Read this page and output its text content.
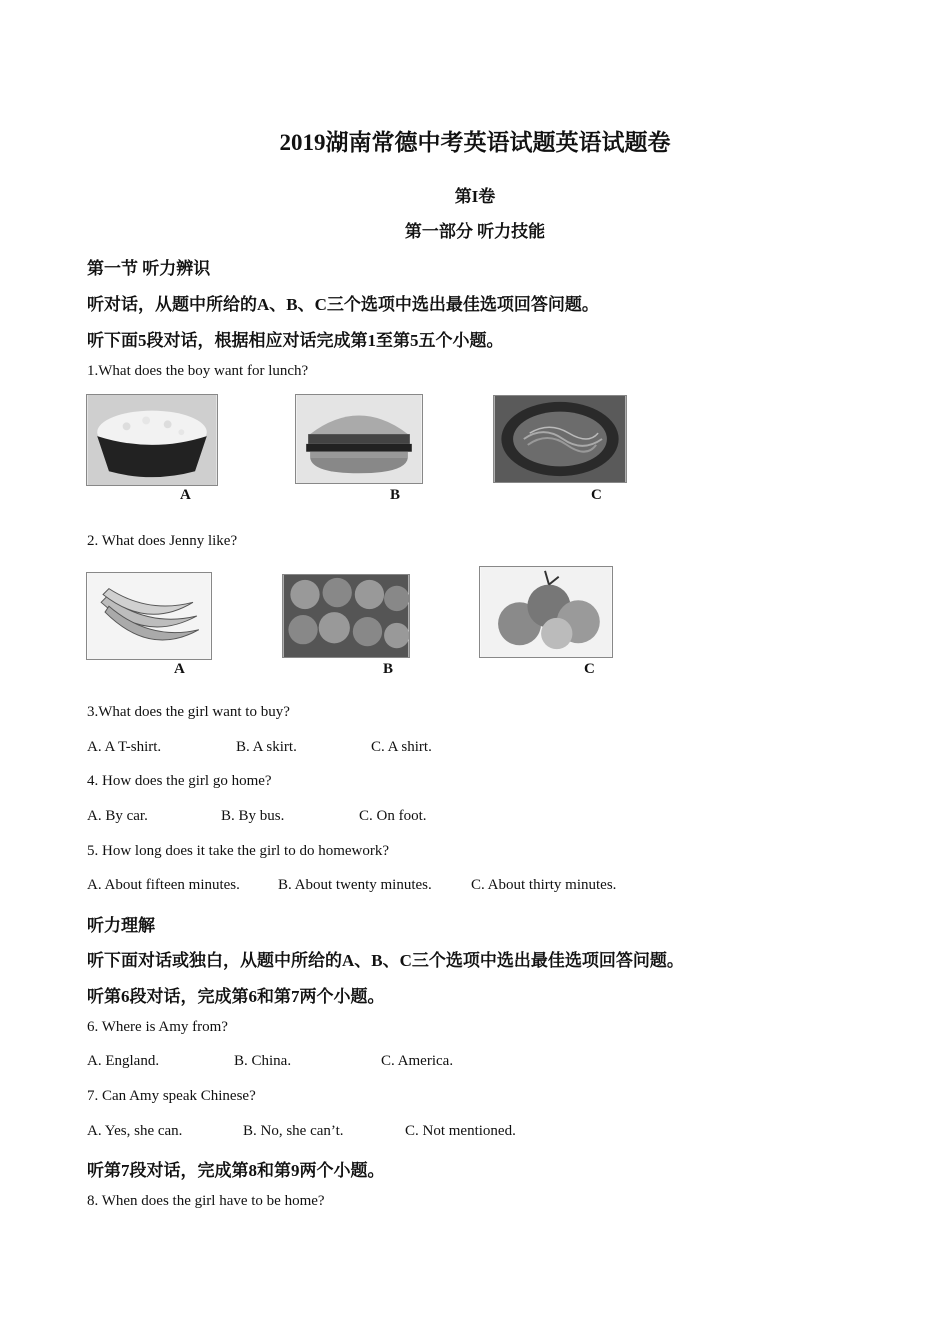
2019湖南常德中考英语试题英语试题卷
第I卷
第一部分 听力技能
第一节 听力辨识
听对话，从题中所给的A、B、C三个选项中选出最佳选项回答问题。
听下面5段对话，根据相应对话完成第1至第5五个小题。
1.What does the boy want for lunch?
A	B	C
2. What does Jenny like?
A	B	C
3.What does the girl want to buy?
A. A T-shirt.	B. A skirt.	C. A shirt.
4. How does the girl go home?
A. By car.	B. By bus.	C. On foot.
5. How long does it take the girl to do homework?
A. About fifteen minutes.	B. About twenty minutes.	C. About thirty minutes.
听力理解
听下面对话或独白，从题中所给的A、B、C三个选项中选出最佳选项回答问题。
听第6段对话，完成第6和第7两个小题。
6. Where is Amy from?
A. England.	B. China.	C. America.
7. Can Amy speak Chinese?
A. Yes, she can.	B. No, she can’t.	C. Not mentioned.
听第7段对话，完成第8和第9两个小题。
8. When does the girl have to be home?
